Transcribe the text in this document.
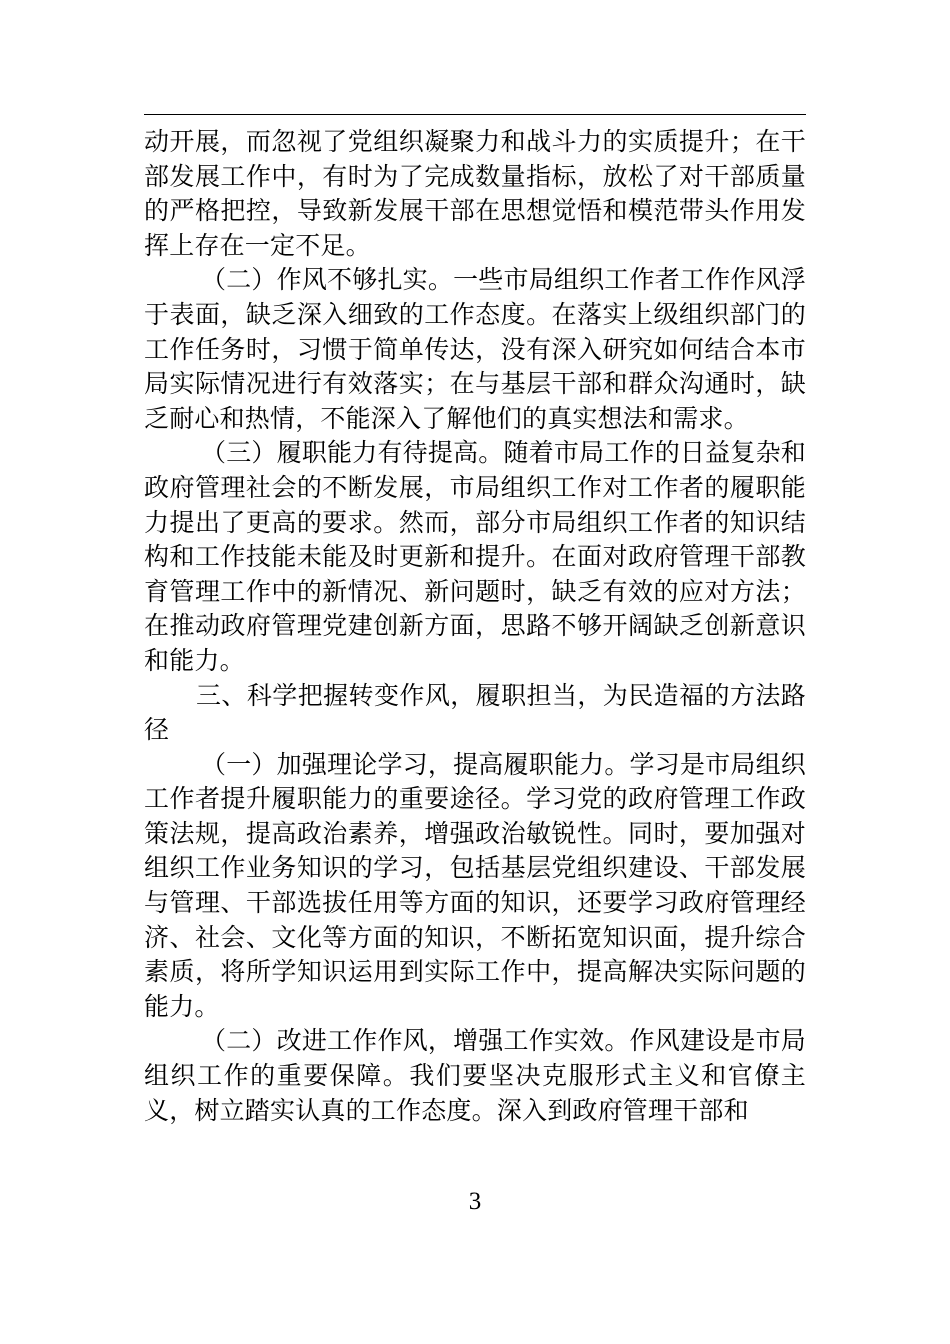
动开展，而忽视了党组织凝聚力和战斗力的实质提升；在干部发展工作中，有时为了完成数量指标，放松了对干部质量的严格把控，导致新发展干部在思想觉悟和模范带头作用发挥上存在一定不足。

（二）作风不够扎实。一些市局组织工作者工作作风浮于表面，缺乏深入细致的工作态度。在落实上级组织部门的工作任务时，习惯于简单传达，没有深入研究如何结合本市局实际情况进行有效落实；在与基层干部和群众沟通时，缺乏耐心和热情，不能深入了解他们的真实想法和需求。

（三）履职能力有待提高。随着市局工作的日益复杂和政府管理社会的不断发展，市局组织工作对工作者的履职能力提出了更高的要求。然而，部分市局组织工作者的知识结构和工作技能未能及时更新和提升。在面对政府管理干部教育管理工作中的新情况、新问题时，缺乏有效的应对方法；在推动政府管理党建创新方面，思路不够开阔缺乏创新意识和能力。

三、科学把握转变作风，履职担当，为民造福的方法路径

（一）加强理论学习，提高履职能力。学习是市局组织工作者提升履职能力的重要途径。学习党的政府管理工作政策法规，提高政治素养，增强政治敏锐性。同时，要加强对组织工作业务知识的学习，包括基层党组织建设、干部发展与管理、干部选拔任用等方面的知识，还要学习政府管理经济、社会、文化等方面的知识，不断拓宽知识面，提升综合素质，将所学知识运用到实际工作中，提高解决实际问题的能力。

（二）改进工作作风，增强工作实效。作风建设是市局组织工作的重要保障。我们要坚决克服形式主义和官僚主义，树立踏实认真的工作态度。深入到政府管理干部和

3
